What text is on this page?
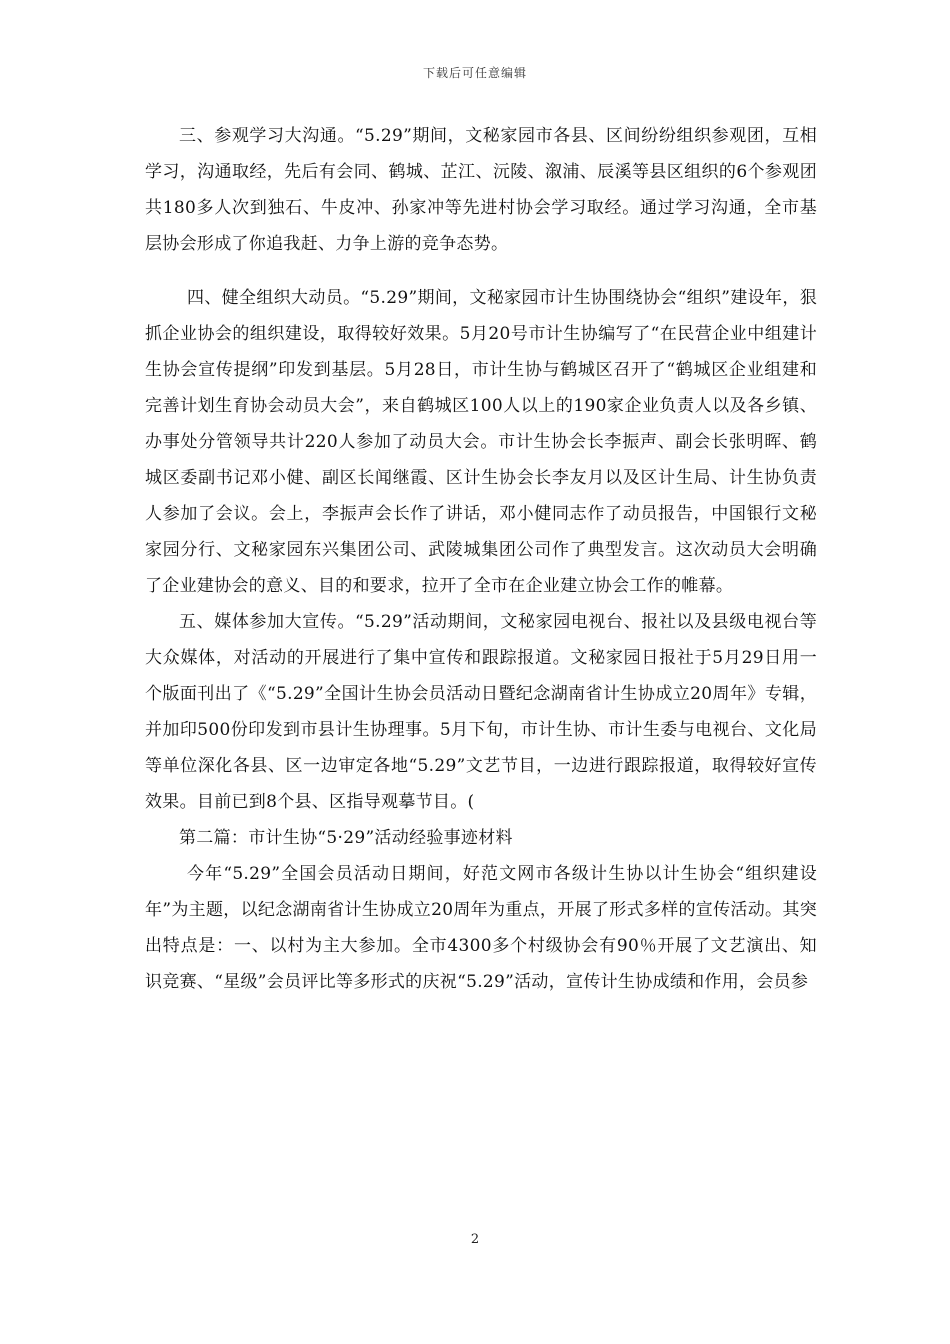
下载后可任意编辑

三、参观学习大沟通。“5.29”期间，文秘家园市各县、区间纷纷组织参观团，互相学习，沟通取经，先后有会同、鹤城、芷江、沅陵、溆浦、辰溪等县区组织的6个参观团共180多人次到独石、牛皮冲、孙家冲等先进村协会学习取经。通过学习沟通，全市基层协会形成了你追我赶、力争上游的竞争态势。

四、健全组织大动员。“5.29”期间，文秘家园市计生协围绕协会“组织”建设年，狠抓企业协会的组织建设，取得较好效果。5月20号市计生协编写了“在民营企业中组建计生协会宣传提纲”印发到基层。5月28日，市计生协与鹤城区召开了“鹤城区企业组建和完善计划生育协会动员大会”，来自鹤城区100人以上的190家企业负责人以及各乡镇、办事处分管领导共计220人参加了动员大会。市计生协会长李振声、副会长张明晖、鹤城区委副书记邓小健、副区长闻继霞、区计生协会长李友月以及区计生局、计生协负责人参加了会议。会上，李振声会长作了讲话，邓小健同志作了动员报告，中国银行文秘家园分行、文秘家园东兴集团公司、武陵城集团公司作了典型发言。这次动员大会明确了企业建协会的意义、目的和要求，拉开了全市在企业建立协会工作的帷幕。

五、媒体参加大宣传。“5.29”活动期间，文秘家园电视台、报社以及县级电视台等大众媒体，对活动的开展进行了集中宣传和跟踪报道。文秘家园日报社于5月29日用一个版面刊出了《“5.29”全国计生协会员活动日暨纪念湖南省计生协成立20周年》专辑，并加印500份印发到市县计生协理事。5月下旬，市计生协、市计生委与电视台、文化局等单位深化各县、区一边审定各地“5.29”文艺节目，一边进行跟踪报道，取得较好宣传效果。目前已到8个县、区指导观摹节目。(

第二篇：市计生协“5·29”活动经验事迹材料

今年“5.29”全国会员活动日期间，好范文网市各级计生协以计生协会“组织建设年”为主题，以纪念湖南省计生协成立20周年为重点，开展了形式多样的宣传活动。其突出特点是：一、以村为主大参加。全市4300多个村级协会有90％开展了文艺演出、知识竞赛、“星级”会员评比等多形式的庆祝“5.29”活动，宣传计生协成绩和作用，会员参

2
